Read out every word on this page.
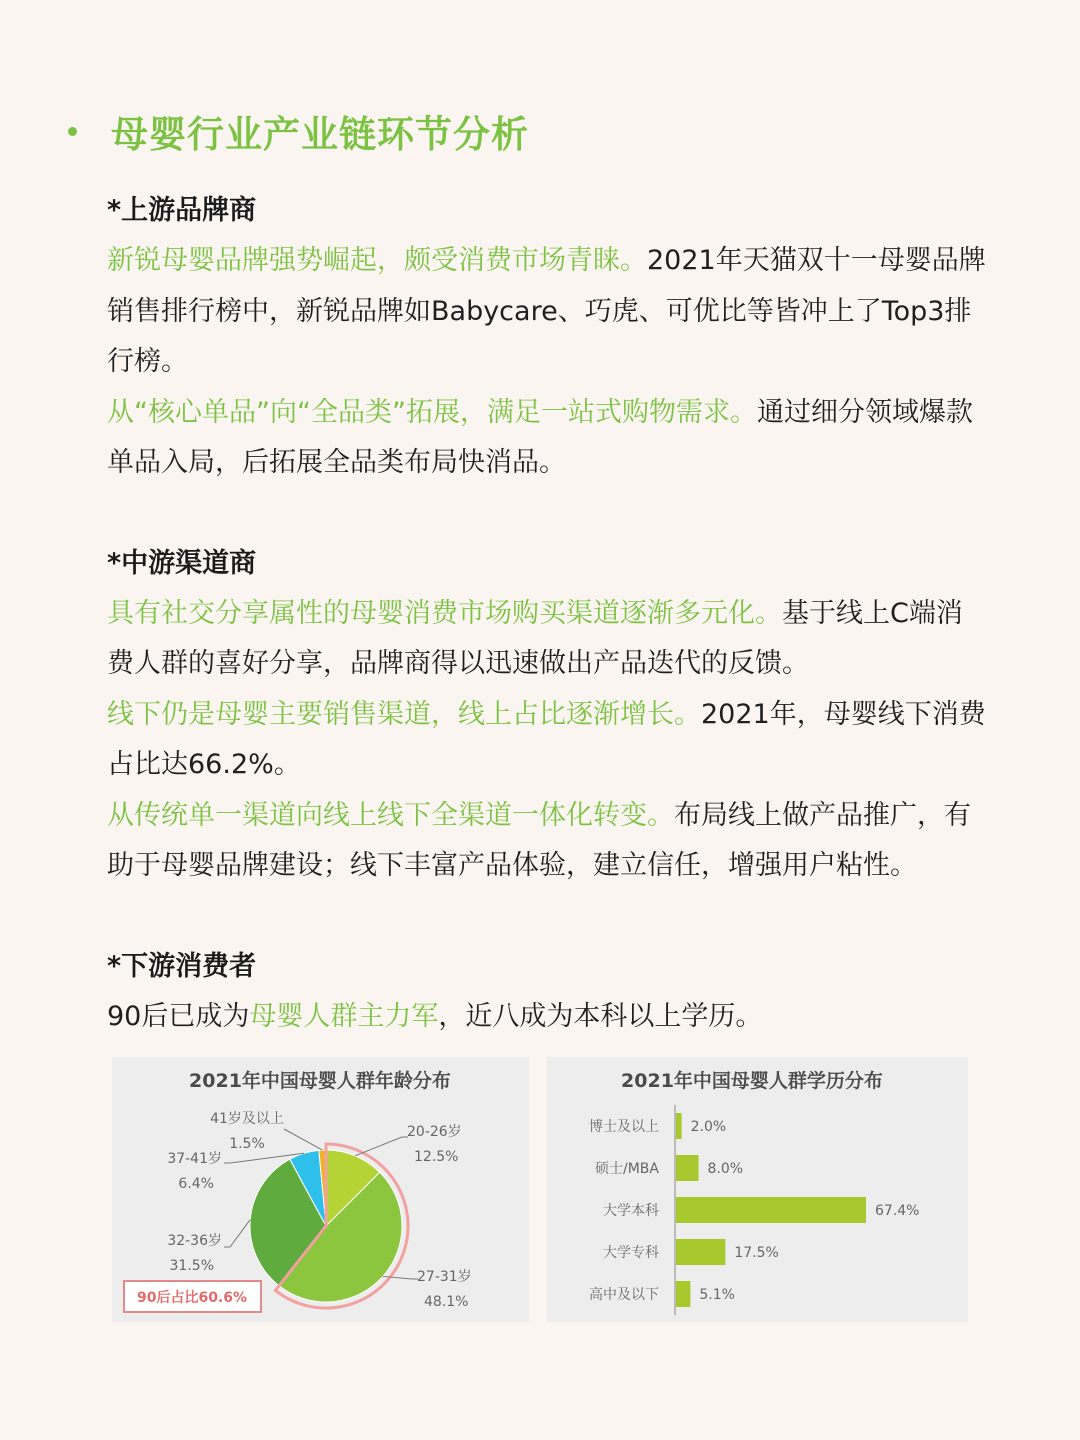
母婴行业产业链环节分析
*上游品牌商

新锐母婴品牌强势崛起，颇受消费市场青睐。2021年天猫双十一母婴品牌销售排行榜中，新锐品牌如Babycare、巧虎、可优比等皆冲上了Top3排行榜。

从“核心单品”向“全品类”拓展，满足一站式购物需求。通过细分领域爆款单品入局，后拓展全品类布局快消品。

*中游渠道商

具有社交分享属性的母婴消费市场购买渠道逐渐多元化。基于线上C端消费人群的喜好分享，品牌商得以迅速做出产品迭代的反馈。

线下仍是母婴主要销售渠道，线上占比逐渐增长。2021年，母婴线下消费占比达66.2%。

从传统单一渠道向线上线下全渠道一体化转变。布局线上做产品推广，有助于母婴品牌建设；线下丰富产品体验，建立信任，增强用户粘性。

*下游消费者

90后已成为母婴人群主力军，近八成为本科以上学历。

2021年中国母婴人群年龄分布
20-26岁
12.5%
27-31岁
48.1%
32-36岁
31.5%
37-41岁
6.4%
41岁及以上
1.5%
90后占比60.6%
2021年中国母婴人群学历分布
博士及以上 2.0%
硕士/MBA	8.0%
大学本科	67.4%
大学专科	17.5%
高中及以下	5.1%
